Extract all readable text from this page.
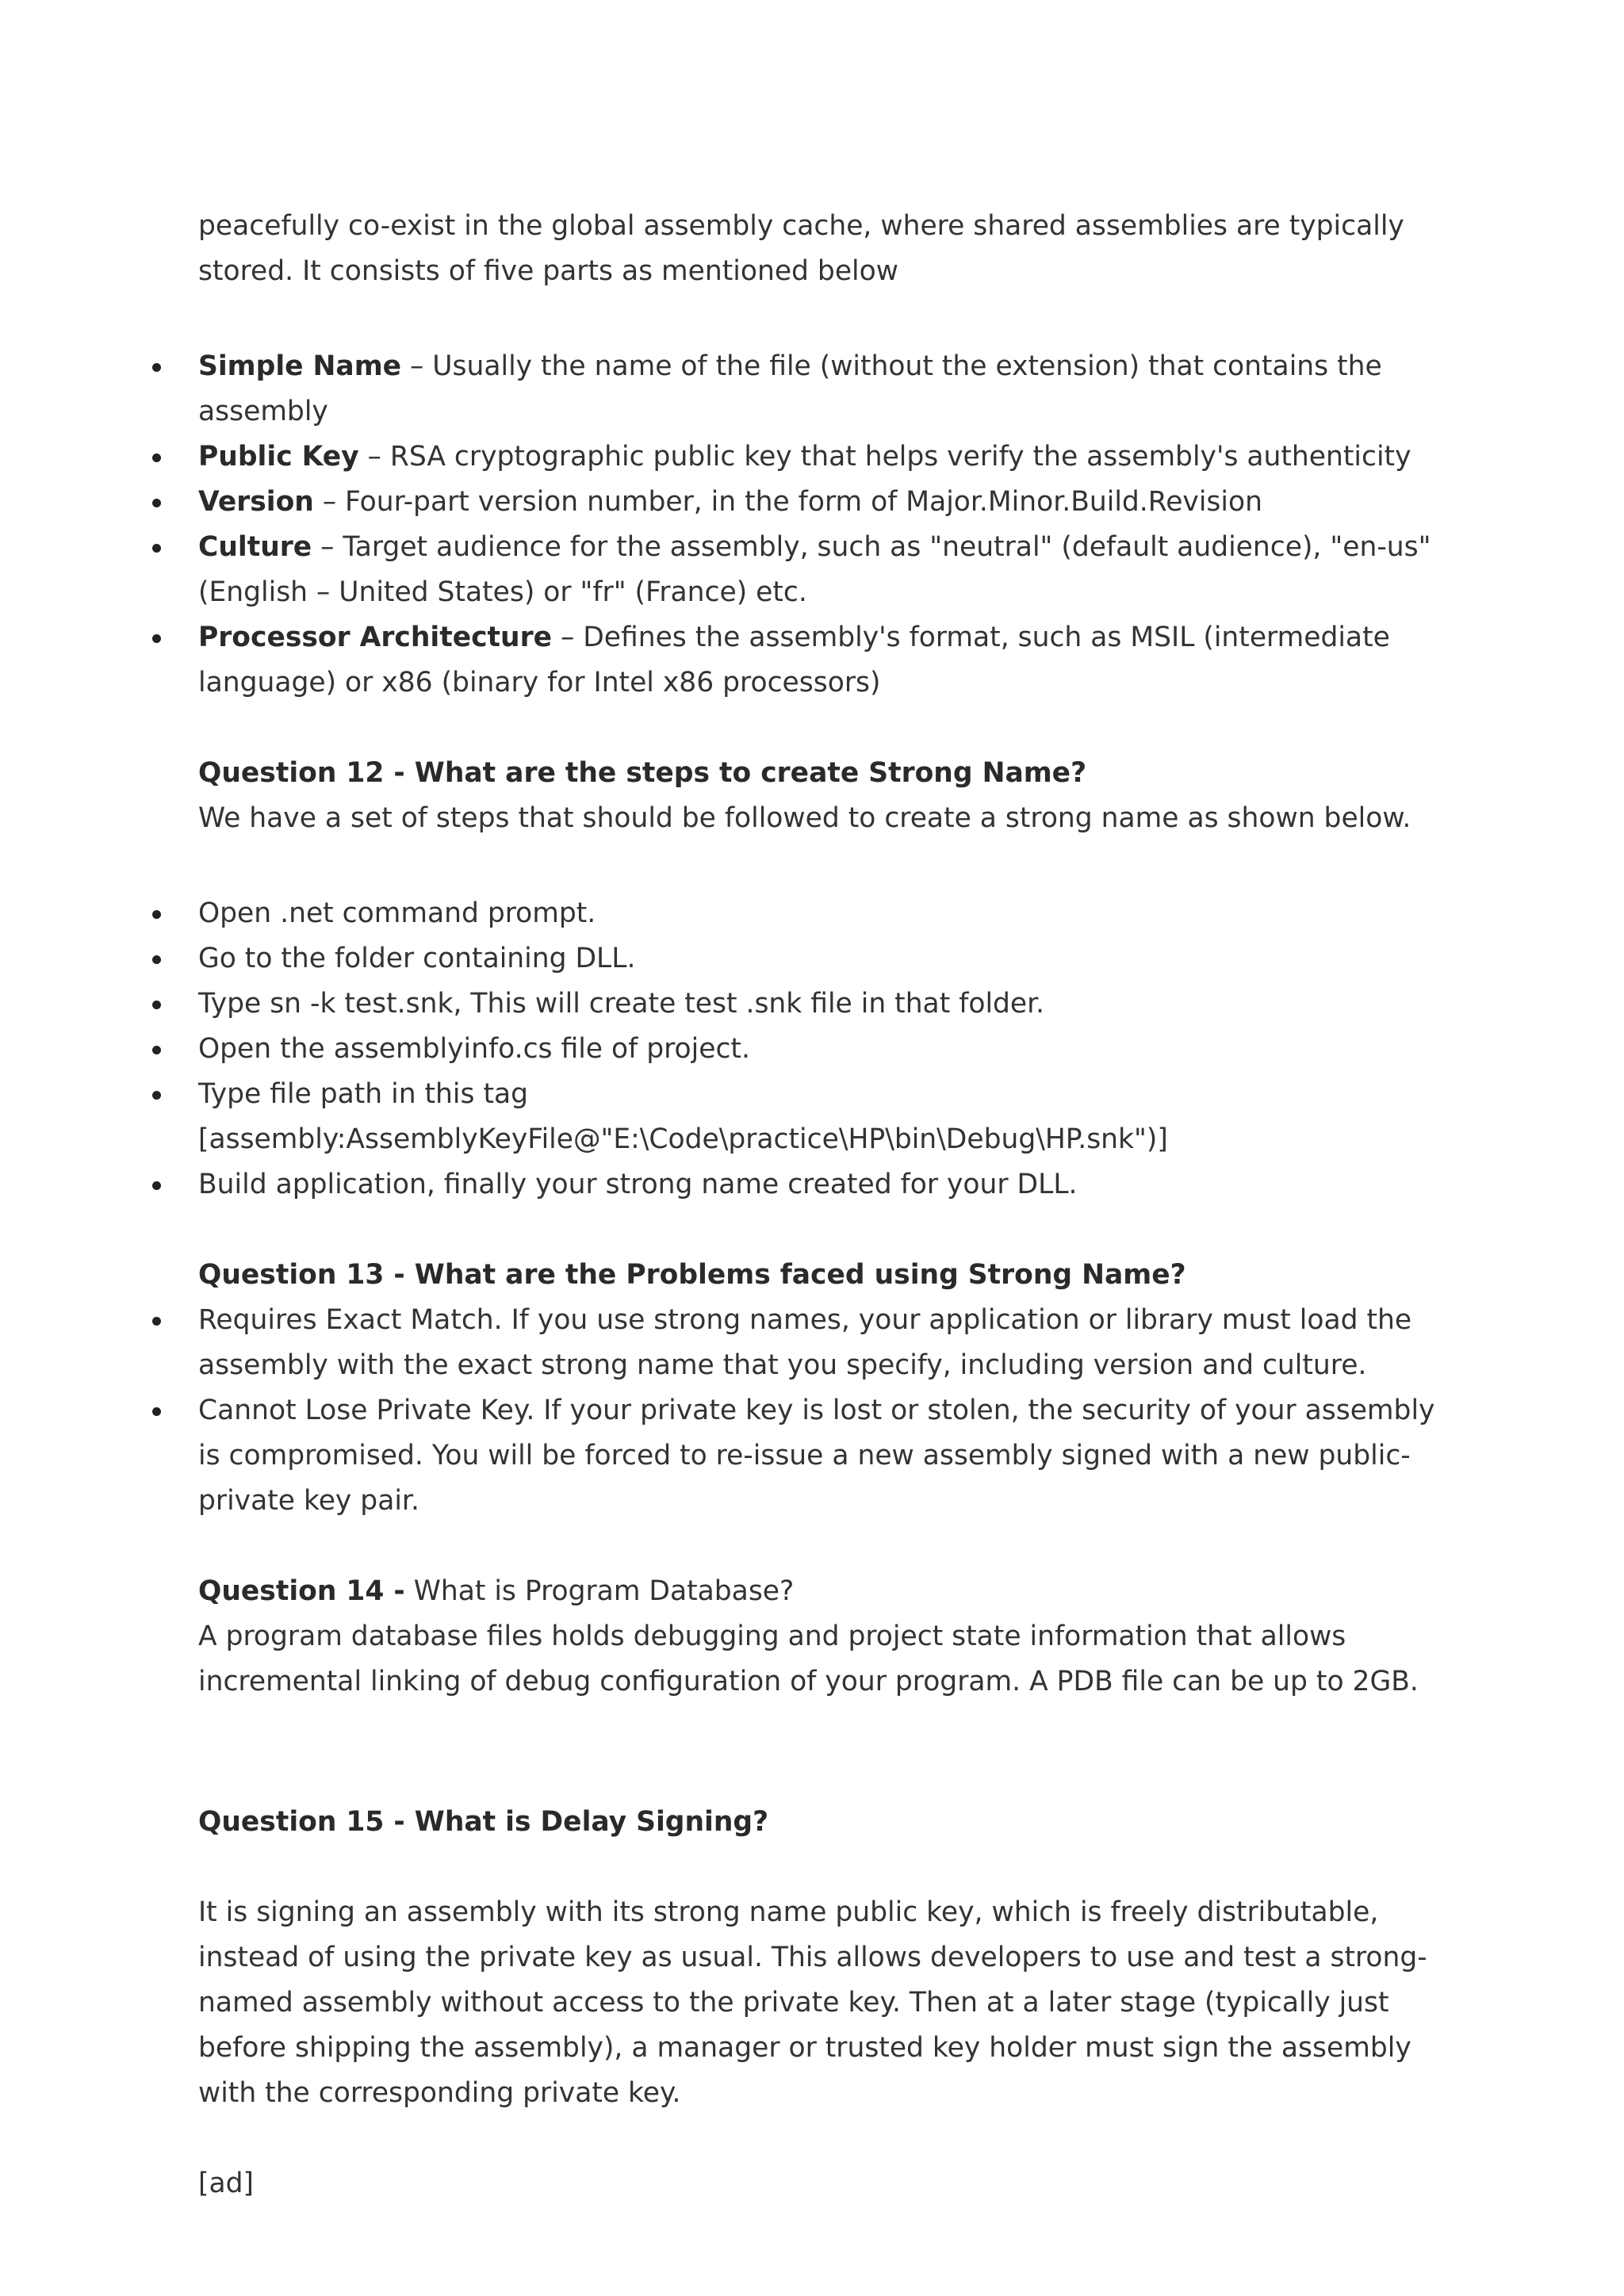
peacefully co-exist in the global assembly cache, where shared assemblies are typically stored. It consists of five parts as mentioned below

Simple Name – Usually the name of the file (without the extension) that contains the assembly
Public Key – RSA cryptographic public key that helps verify the assembly's authenticity
Version – Four-part version number, in the form of Major.Minor.Build.Revision
Culture – Target audience for the assembly, such as "neutral" (default audience), "en-us" (English – United States) or "fr" (France) etc.
Processor Architecture – Defines the assembly's format, such as MSIL (intermediate language) or x86 (binary for Intel x86 processors)

Question 12 - What are the steps to create Strong Name?

We have a set of steps that should be followed to create a strong name as shown below.

Open .net command prompt.
Go to the folder containing DLL.
Type sn -k test.snk, This will create test .snk file in that folder.
Open the assemblyinfo.cs file of project.
Type file path in this tag [assembly:AssemblyKeyFile@"E:\Code\practice\HP\bin\Debug\HP.snk")]
Build application, finally your strong name created for your DLL.

Question 13 - What are the Problems faced using Strong Name?

Requires Exact Match. If you use strong names, your application or library must load the assembly with the exact strong name that you specify, including version and culture.
Cannot Lose Private Key. If your private key is lost or stolen, the security of your assembly is compromised. You will be forced to re-issue a new assembly signed with a new public-private key pair.

Question 14 - What is Program Database?

A program database files holds debugging and project state information that allows incremental linking of debug configuration of your program. A PDB file can be up to 2GB.

Question 15 - What is Delay Signing?

It is signing an assembly with its strong name public key, which is freely distributable, instead of using the private key as usual. This allows developers to use and test a strong-named assembly without access to the private key. Then at a later stage (typically just before shipping the assembly), a manager or trusted key holder must sign the assembly with the corresponding private key.

[ad]
